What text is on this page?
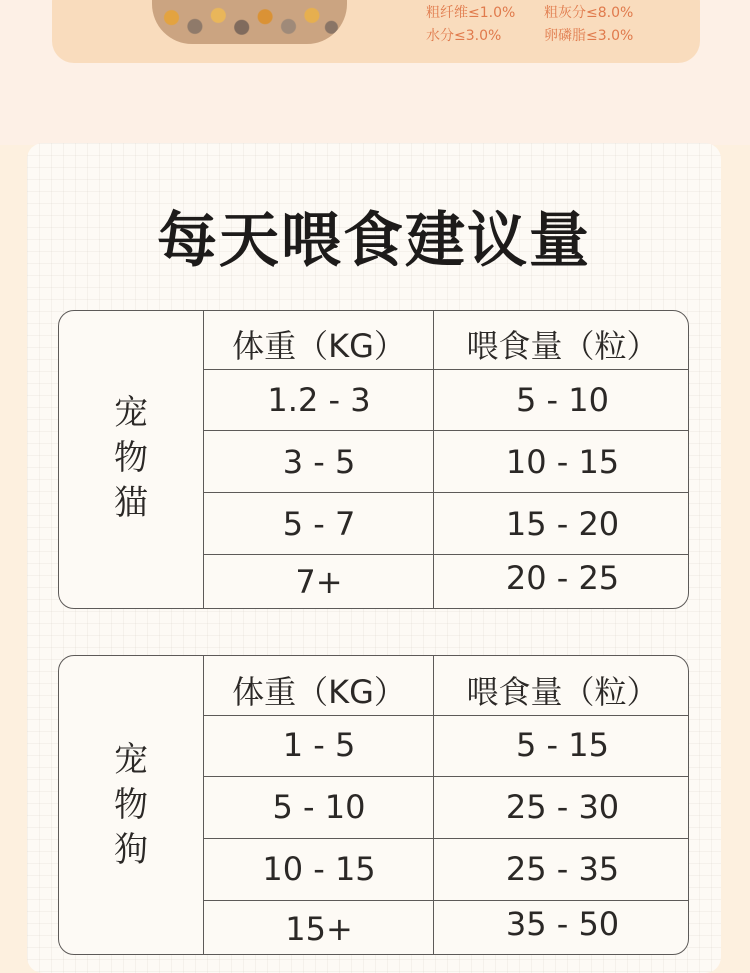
粗纤维≤1.0% 粗灰分≤8.0%
水分≤3.0%	卵磷脂≤3.0%
每天喂食建议量
宠
物
猫
体重（KG）	喂食量（粒）
1.2 - 3	5 - 10
3 - 5	10 - 15
5 - 7	15 - 20
7+	20 - 25
宠
物
狗
体重（KG）	喂食量（粒）
1 - 5	5 - 15
5 - 10	25 - 30
10 - 15	25 - 35
15+	35 - 50
